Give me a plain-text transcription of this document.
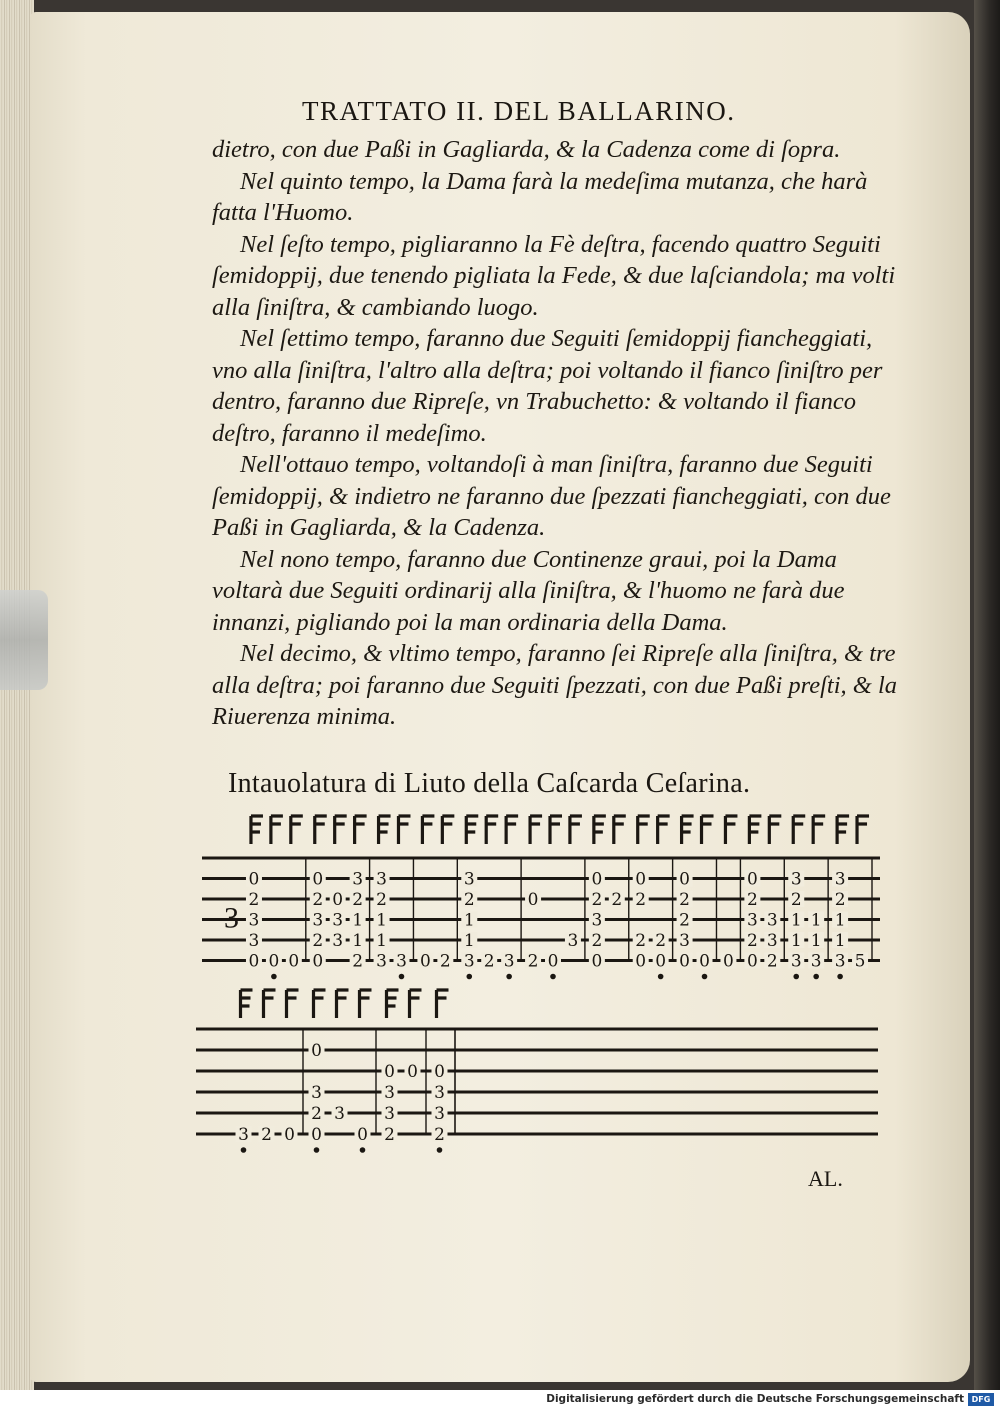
TRATTATO II. DEL BALLARINO.

dietro, con due Paßi in Gagliarda, & la Cadenza come di ſopra.

Nel quinto tempo, la Dama farà la medeſima mutanza, che harà fatta l'Huomo.

Nel ſeſto tempo, pigliaranno la Fè deſtra, facendo quattro Seguiti ſemidoppij, due tenendo pigliata la Fede, & due laſciandola; ma volti alla ſiniſtra, & cambiando luogo.

Nel ſettimo tempo, faranno due Seguiti ſemidoppij fiancheggiati, vno alla ſiniſtra, l'altro alla deſtra; poi voltando il fianco ſiniſtro per dentro, faranno due Ripreſe, vn Trabuchetto: & voltando il fianco deſtro, faranno il medeſimo.

Nell'ottauo tempo, voltandoſi à man ſiniſtra, faranno due Seguiti ſemidoppij, & indietro ne faranno due ſpezzati fiancheggiati, con due Paßi in Gagliarda, & la Cadenza.

Nel nono tempo, faranno due Continenze graui, poi la Dama voltarà due Seguiti ordinarij alla ſiniſtra, & l'huomo ne farà due innanzi, pigliando poi la man ordinaria della Dama.

Nel decimo, & vltimo tempo, faranno ſei Ripreſe alla ſiniſtra, & tre alla deſtra; poi faranno due Seguiti ſpezzati, con due Paßi preſti, & la Riuerenza minima.

Intauolatura di Liuto della Caſcarda Ceſarina.
3
0
2
3
3
0 0 0
0
2
3
2
0
0
3
3
3
2
1
1
2
3
2
1
1
3 3 0 2
3
2
1
1
3 2 3
0
2 0
3
0
2
3
2
0
2
0
2
2
0
2
0
0
2
2
3
0 0 0
0
2
3
2
0
3
3
2
3
2
1
1
3
1
1
3
3
2
1
1
3 5
3 2 0
0
3
2
0
3
0
0
3
3
2
0 0
3
3
2
AL.
Digitalisierung gefördert durch die Deutsche Forschungsgemeinschaft DFG
